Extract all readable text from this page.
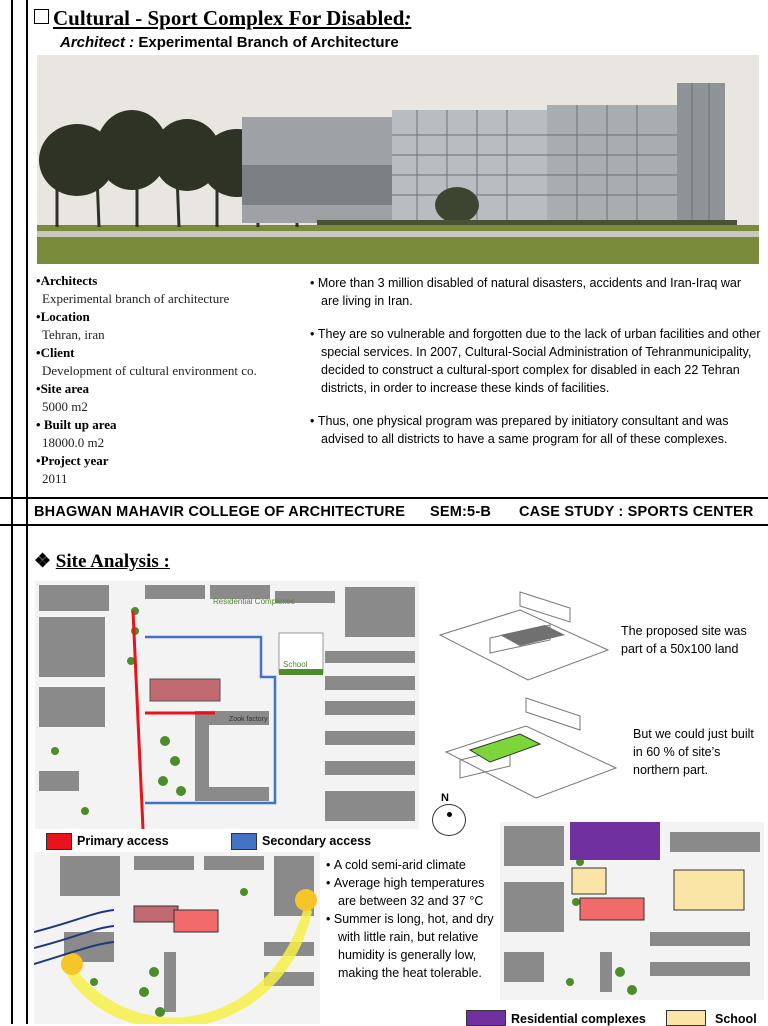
Cultural - Sport Complex For Disabled:
Architect : Experimental Branch of Architecture
•Architects
Experimental branch of architecture
•Location
Tehran, iran
•Client
Development of cultural environment co.
•Site area
5000 m2
• Built up area
18000.0 m2
•Project year
2011

• More than 3 million disabled of natural disasters, accidents and Iran-Iraq war are living in Iran.

• They are so vulnerable and forgotten due to the lack of urban facilities and other special services. In 2007, Cultural-Social Administration of Tehranmunicipality, decided to construct a cultural-sport complex for disabled in each 22 Tehran districts, in order to increase these kinds of facilities.

• Thus, one physical program was prepared by initiatory consultant and was advised to all districts to have a same program for all of these complexes.

BHAGWAN MAHAVIR COLLEGE OF ARCHITECTURE SEM:5-B CASE STUDY : SPORTS CENTER
❖ Site Analysis :
Residential Complexes
School
Zook factory
The proposed site was part of a 50x100 land
But we could just built in 60 % of site’s northern part.
N
Primary access	Secondary access

• A cold semi-arid climate

• Average high temperatures are between 32 and 37 °C

• Summer is long, hot, and dry with little rain, but relative humidity is generally low, making the heat tolerable.

Residential complexes	School
